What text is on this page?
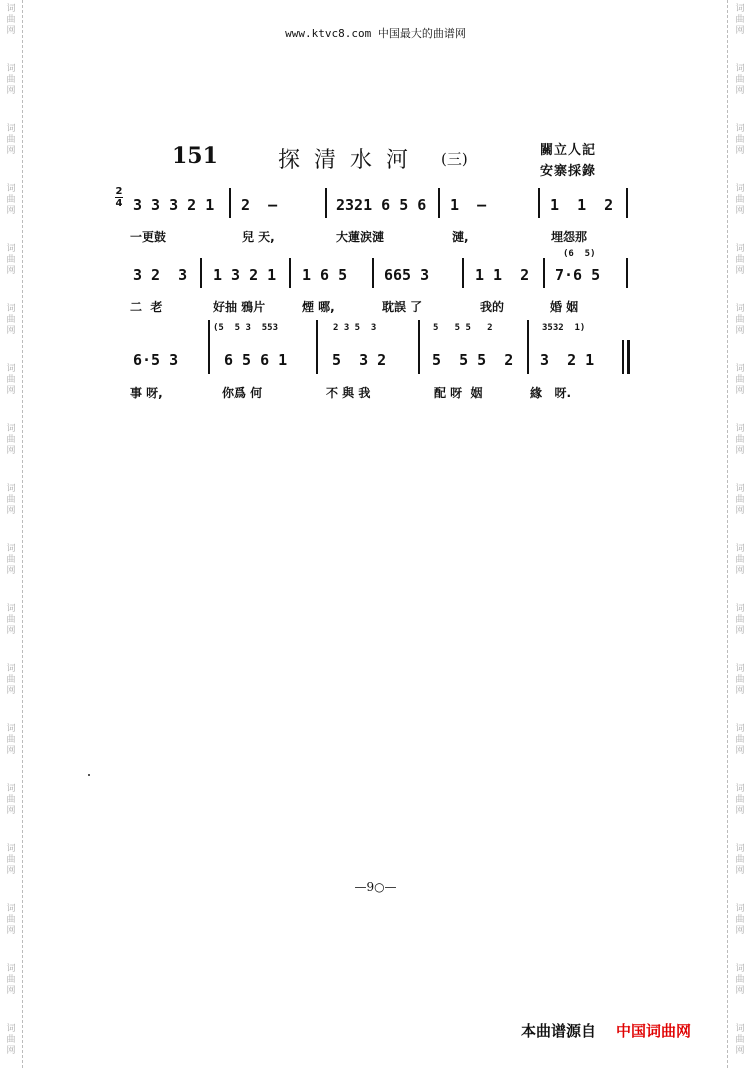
词
曲
网
词
曲
网
词
曲
网
词
曲
网
词
曲
网
词
曲
网
词
曲
网
词
曲
网
词
曲
网
词
曲
网
词
曲
网
词
曲
网
词
曲
网
词
曲
网
词
曲
网
词
曲
网
词
曲
网
词
曲
网
词
曲
网
词
曲
网
词
曲
网
词
曲
网
词
曲
网
词
曲
网
词
曲
网
词
曲
网
词
曲
网
词
曲
网
词
曲
网
词
曲
网
词
曲
网
词
曲
网
词
曲
网
词
曲
网
词
曲
网
词
曲
网
www.ktvc8.com 中国最大的曲谱网
151	探清水河 (三)	關立人記
安寨採錄
2
4 3 3 3 2 1 2  –	2321 6 5 6 1  –	1  1  2
一更鼓	兒 天,	大蓮涙漣	漣,	埋怨那
(6  5)
3 2  3 1 3 2 1 1 6 5 665 3	1 1  2 7·6 5
二  老	好抽 鴉片	煙 哪,	耽誤 了	我的	婚 姻
(5  5 3  553	2 3 5  3	5   5 5   2	3532  1)
6·5 3	6 5 6 1	5  3 2	5  5 5  2 3  2 1
事 呀,	你爲 何	不 與 我	配 呀  姻	緣   呀.
—9○—
本曲谱源自 中国词曲网
